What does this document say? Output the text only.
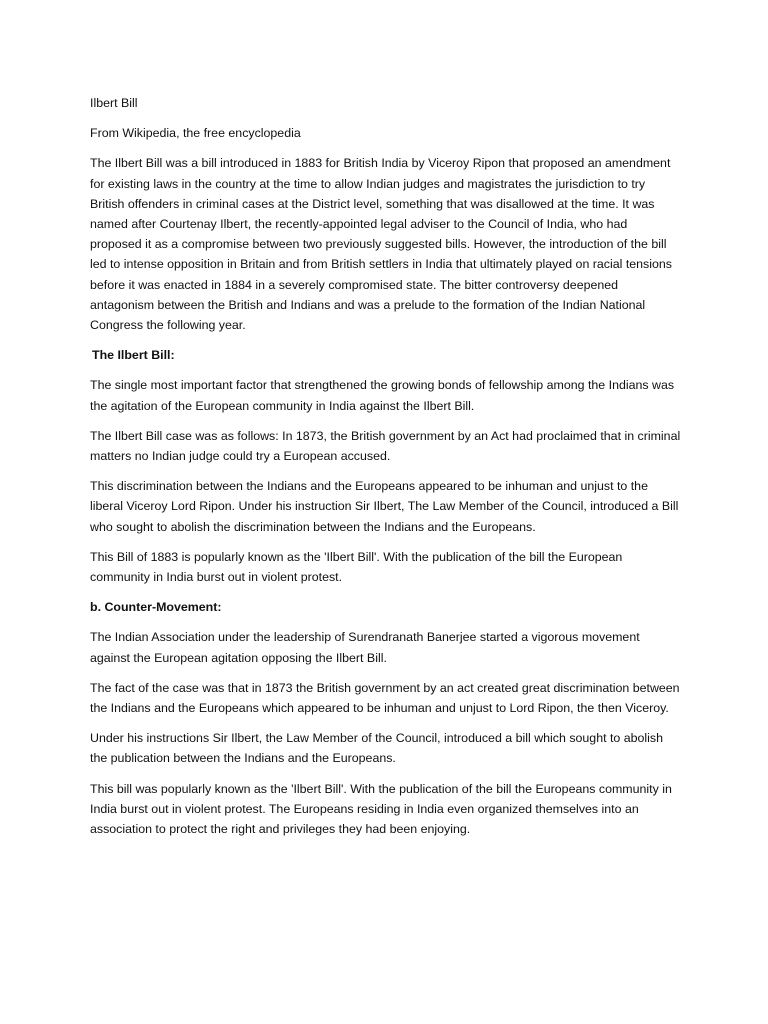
Ilbert Bill
From Wikipedia, the free encyclopedia

The Ilbert Bill was a bill introduced in 1883 for British India by Viceroy Ripon that proposed an amendment for existing laws in the country at the time to allow Indian judges and magistrates the jurisdiction to try British offenders in criminal cases at the District level, something that was disallowed at the time. It was named after Courtenay Ilbert, the recently-appointed legal adviser to the Council of India, who had proposed it as a compromise between two previously suggested bills. However, the introduction of the bill led to intense opposition in Britain and from British settlers in India that ultimately played on racial tensions before it was enacted in 1884 in a severely compromised state. The bitter controversy deepened antagonism between the British and Indians and was a prelude to the formation of the Indian National Congress the following year.

The Ilbert Bill:

The single most important factor that strengthened the growing bonds of fellowship among the Indians was the agitation of the European community in India against the Ilbert Bill.

The Ilbert Bill case was as follows: In 1873, the British government by an Act had proclaimed that in criminal matters no Indian judge could try a European accused.

This discrimination between the Indians and the Europeans appeared to be inhuman and unjust to the liberal Viceroy Lord Ripon. Under his instruction Sir Ilbert, The Law Member of the Council, introduced a Bill who sought to abolish the discrimination between the Indians and the Europeans.

This Bill of 1883 is popularly known as the 'Ilbert Bill'. With the publication of the bill the European community in India burst out in violent protest.

b. Counter-Movement:

The Indian Association under the leadership of Surendranath Banerjee started a vigorous movement against the European agitation opposing the Ilbert Bill.

The fact of the case was that in 1873 the British government by an act created great discrimination between the Indians and the Europeans which appeared to be inhuman and unjust to Lord Ripon, the then Viceroy.

Under his instructions Sir Ilbert, the Law Member of the Council, introduced a bill which sought to abolish the publication between the Indians and the Europeans.

This bill was popularly known as the 'Ilbert Bill'. With the publication of the bill the Europeans community in India burst out in violent protest. The Europeans residing in India even organized themselves into an association to protect the right and privileges they had been enjoying.
